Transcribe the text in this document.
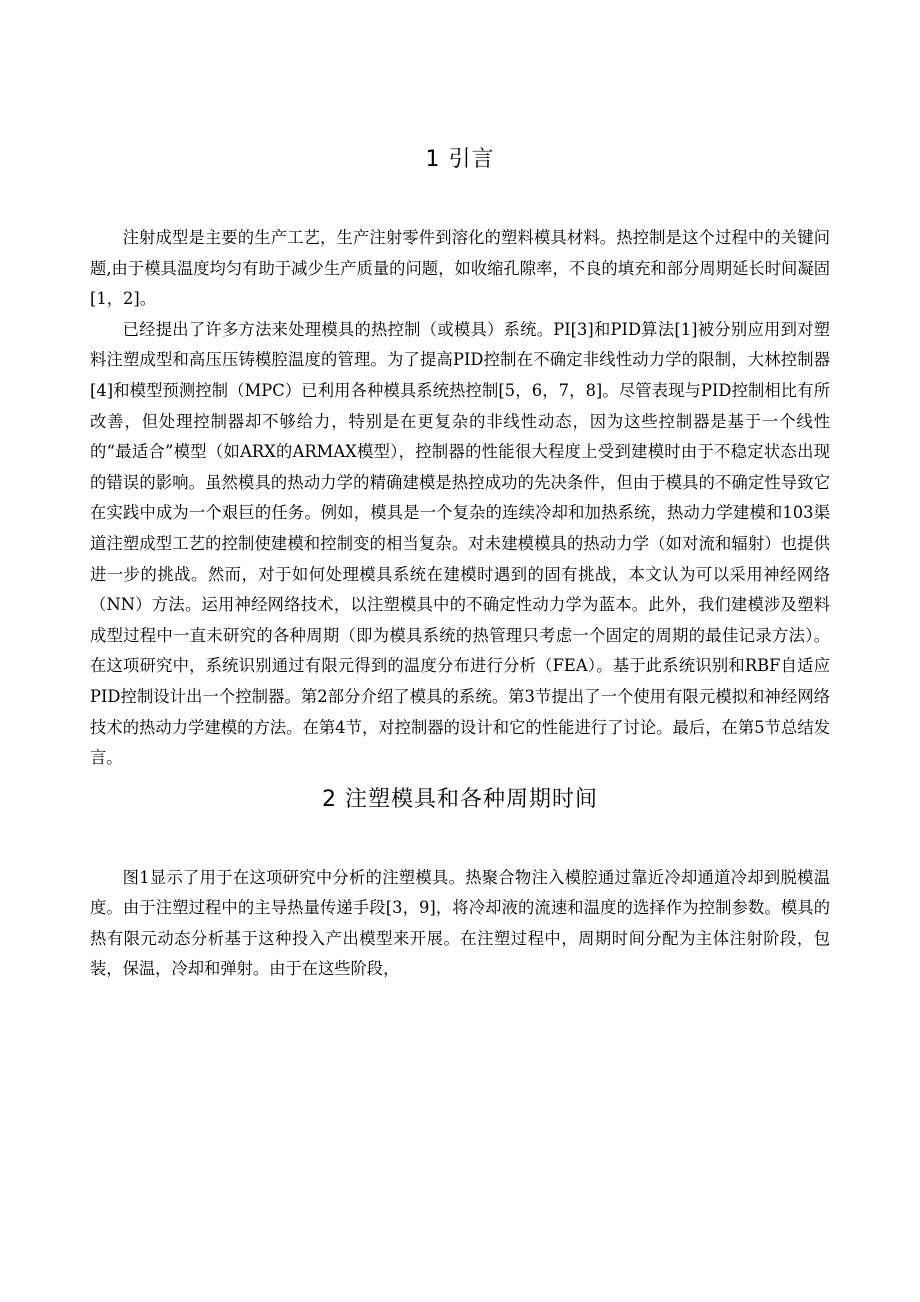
1 引言

注射成型是主要的生产工艺，生产注射零件到溶化的塑料模具材料。热控制是这个过程中的关键问题,由于模具温度均匀有助于减少生产质量的问题，如收缩孔隙率，不良的填充和部分周期延长时间凝固[1，2]。

已经提出了许多方法来处理模具的热控制（或模具）系统。PI[3]和PID算法[1]被分别应用到对塑料注塑成型和高压压铸模腔温度的管理。为了提高PID控制在不确定非线性动力学的限制，大林控制器[4]和模型预测控制（MPC）已利用各种模具系统热控制[5，6，7，8]。尽管表现与PID控制相比有所改善，但处理控制器却不够给力，特别是在更复杂的非线性动态，因为这些控制器是基于一个线性的“最适合”模型（如ARX的ARMAX模型），控制器的性能很大程度上受到建模时由于不稳定状态出现的错误的影响。虽然模具的热动力学的精确建模是热控成功的先决条件，但由于模具的不确定性导致它在实践中成为一个艰巨的任务。例如，模具是一个复杂的连续冷却和加热系统，热动力学建模和103渠道注塑成型工艺的控制使建模和控制变的相当复杂。对未建模模具的热动力学（如对流和辐射）也提供进一步的挑战。然而，对于如何处理模具系统在建模时遇到的固有挑战，本文认为可以采用神经网络（NN）方法。运用神经网络技术，以注塑模具中的不确定性动力学为蓝本。此外，我们建模涉及塑料成型过程中一直未研究的各种周期（即为模具系统的热管理只考虑一个固定的周期的最佳记录方法）。在这项研究中，系统识别通过有限元得到的温度分布进行分析（FEA）。基于此系统识别和RBF自适应PID控制设计出一个控制器。第2部分介绍了模具的系统。第3节提出了一个使用有限元模拟和神经网络技术的热动力学建模的方法。在第4节，对控制器的设计和它的性能进行了讨论。最后，在第5节总结发言。

2 注塑模具和各种周期时间

图1显示了用于在这项研究中分析的注塑模具。热聚合物注入模腔通过靠近冷却通道冷却到脱模温度。由于注塑过程中的主导热量传递手段[3，9]，将冷却液的流速和温度的选择作为控制参数。模具的热有限元动态分析基于这种投入产出模型来开展。在注塑过程中，周期时间分配为主体注射阶段，包装，保温，冷却和弹射。由于在这些阶段，
